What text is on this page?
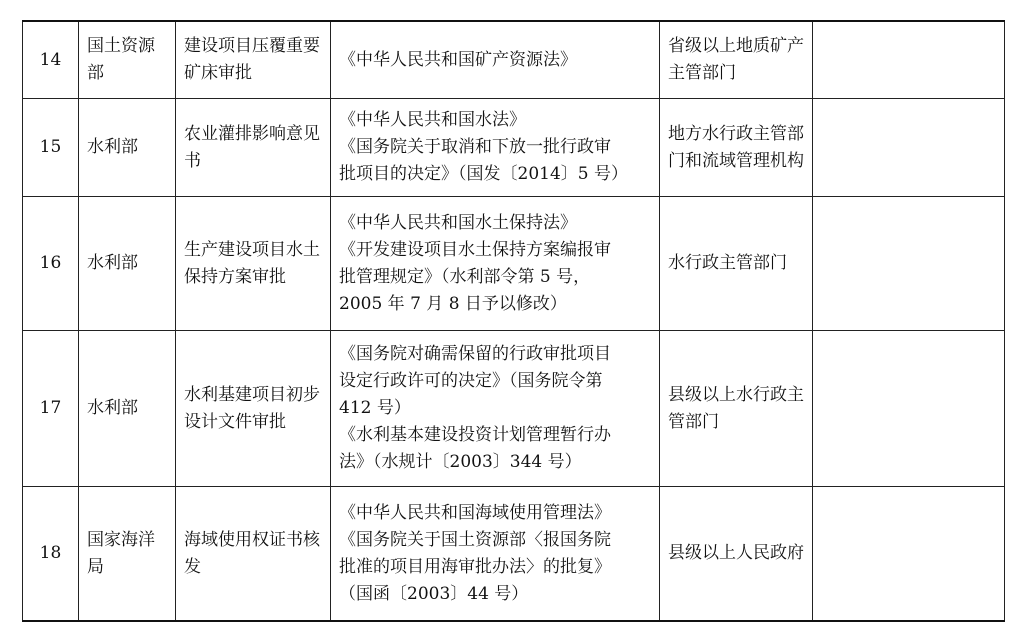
14	国土资源部	建设项目压覆重要矿床审批	《中华人民共和国矿产资源法》	省级以上地质矿产主管部门	
15	水利部	农业灌排影响意见书	《中华人民共和国水法》
《国务院关于取消和下放一批行政审
批项目的决定》（国发〔2014〕5 号）	地方水行政主管部门和流域管理机构	
16	水利部	生产建设项目水土保持方案审批	《中华人民共和国水土保持法》
《开发建设项目水土保持方案编报审
批管理规定》（水利部令第 5 号，
2005 年 7 月 8 日予以修改）	水行政主管部门	
17	水利部	水利基建项目初步设计文件审批	《国务院对确需保留的行政审批项目
设定行政许可的决定》（国务院令第
412 号）
《水利基本建设投资计划管理暂行办
法》（水规计〔2003〕344 号）	县级以上水行政主管部门	
18	国家海洋局	海域使用权证书核发	《中华人民共和国海域使用管理法》
《国务院关于国土资源部〈报国务院
批准的项目用海审批办法〉的批复》
（国函〔2003〕44 号）	县级以上人民政府	
